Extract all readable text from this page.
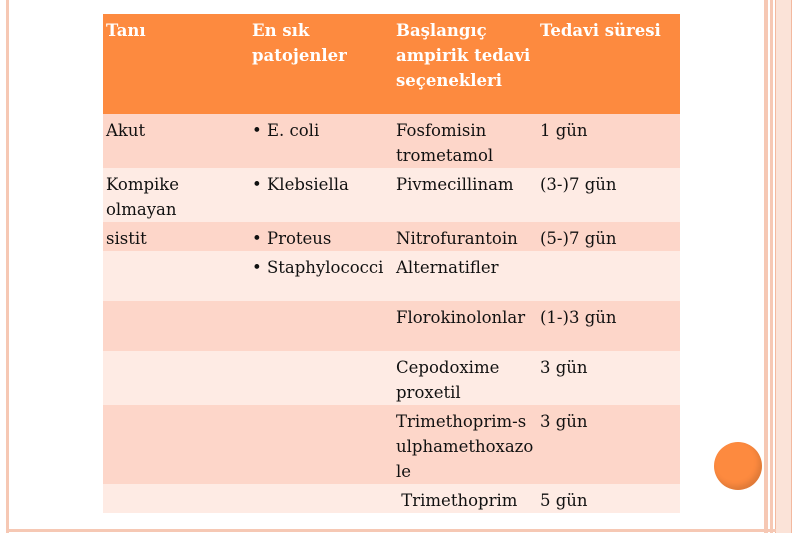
Tanı	En sık patojenler	Başlangıç ampirik tedavi seçenekleri	Tedavi süresi
Akut	• E. coli	Fosfomisin trometamol	1 gün
Kompike olmayan	• Klebsiella	Pivmecillinam	(3-)7 gün
sistit	• Proteus	Nitrofurantoin	(5-)7 gün
	• Staphylococci	Alternatifler	
		Florokinolonlar	(1-)3 gün
		Cepodoxime proxetil	3 gün
		Trimethoprim-sulphamethoxazole	3 gün
		Trimethoprim	5 gün
